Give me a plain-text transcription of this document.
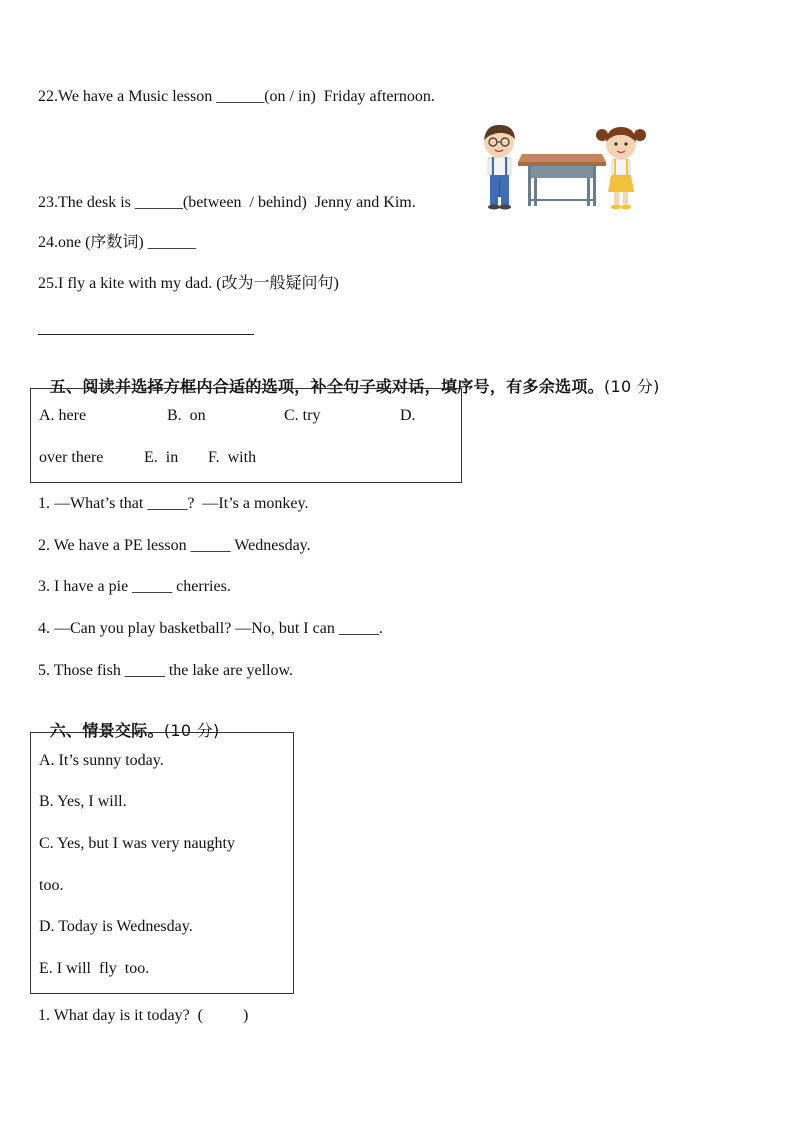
22.We have a Music lesson ______(on / in)  Friday afternoon.
23.The desk is ______(between  / behind)  Jenny and Kim.
24.one (序数词) ______
25.I fly a kite with my dad. (改为一般疑问句)

五、阅读并选择方框内合适的选项，补全句子或对话，填序号，有多余选项。(10 分)

A. here	B.  on	C. try	D.
over there	E.  in F.  with
1. —What’s that _____?  —It’s a monkey.
2. We have a PE lesson _____ Wednesday.
3. I have a pie _____ cherries.
4. —Can you play basketball? —No, but I can _____.
5. Those fish _____ the lake are yellow.

六、情景交际。(10 分)

A. It’s sunny today.
B. Yes, I will.
C. Yes, but I was very naughty
too.
D. Today is Wednesday.
E. I will  fly  too.
1. What day is it today?  (          )
